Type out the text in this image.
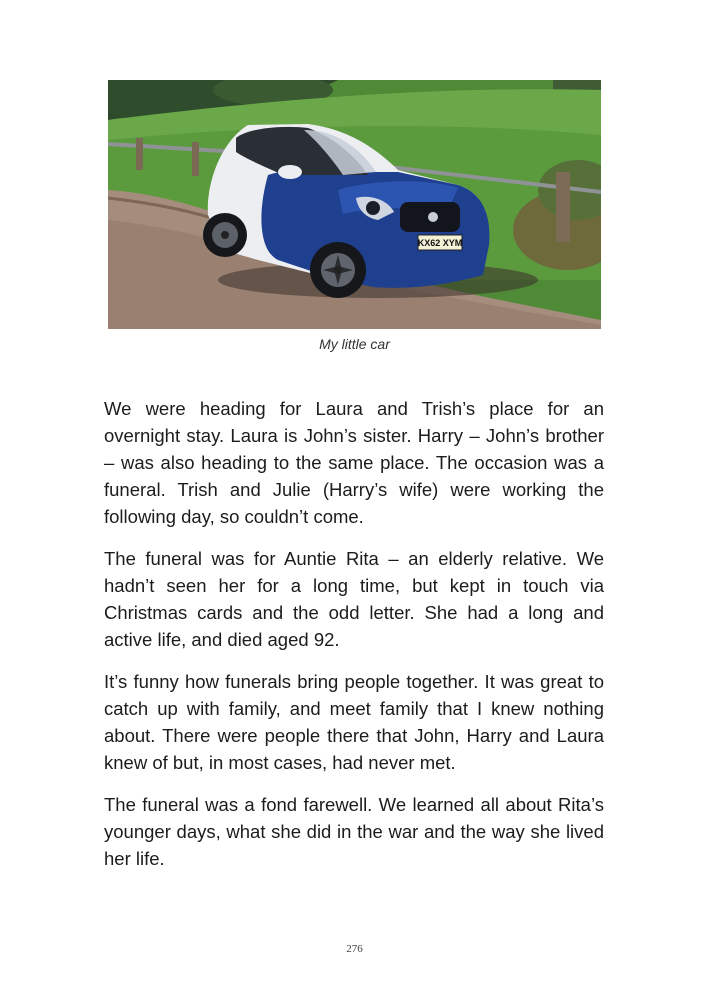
KX62 XYM
My little car

We were heading for Laura and Trish’s place for an overnight stay. Laura is John’s sister. Harry – John’s brother – was also heading to the same place. The occasion was a funeral. Trish and Julie (Harry’s wife) were working the following day, so couldn’t come.

The funeral was for Auntie Rita – an elderly relative. We hadn’t seen her for a long time, but kept in touch via Christmas cards and the odd letter. She had a long and active life, and died aged 92.

It’s funny how funerals bring people together. It was great to catch up with family, and meet family that I knew nothing about. There were people there that John, Harry and Laura knew of but, in most cases, had never met.

The funeral was a fond farewell. We learned all about Rita’s younger days, what she did in the war and the way she lived her life.

276
